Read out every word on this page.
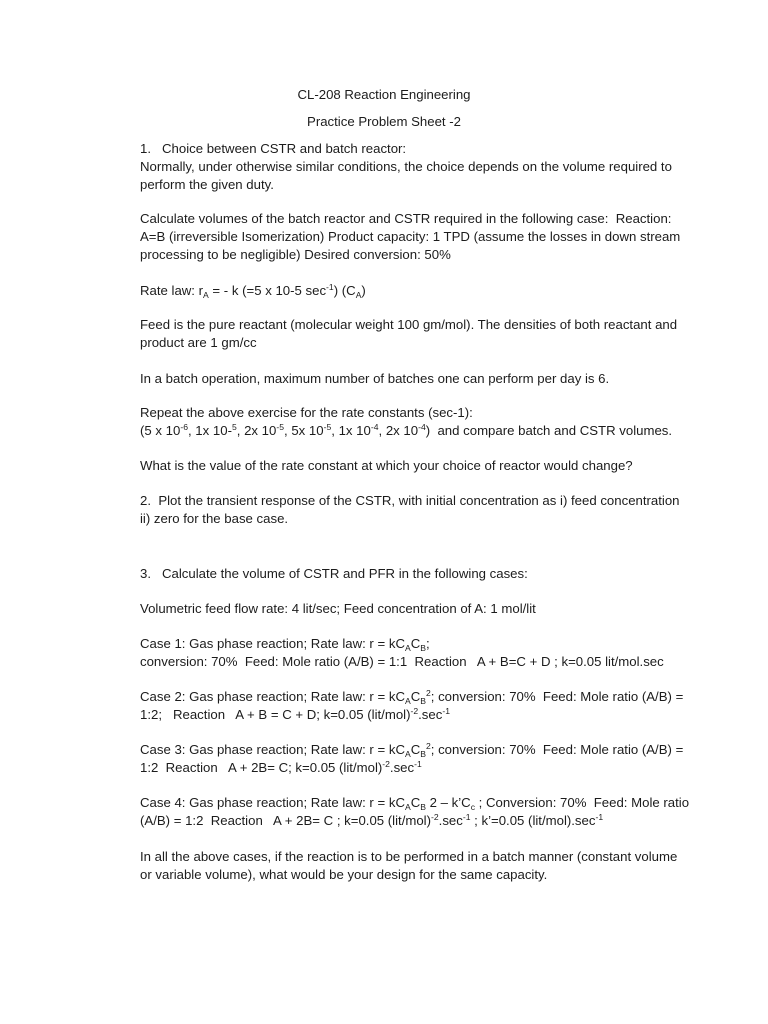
CL-208 Reaction Engineering
Practice Problem Sheet -2
1. Choice between CSTR and batch reactor:
Normally, under otherwise similar conditions, the choice depends on the volume required to
perform the given duty.
Calculate volumes of the batch reactor and CSTR required in the following case:  Reaction:
A=B (irreversible Isomerization) Product capacity: 1 TPD (assume the losses in down stream
processing to be negligible) Desired conversion: 50%
Rate law: r A = - k (=5 x 10-5 sec -1 ) (C A )
Feed is the pure reactant (molecular weight 100 gm/mol). The densities of both reactant and
product are 1 gm/cc
In a batch operation, maximum number of batches one can perform per day is 6.
Repeat the above exercise for the rate constants (sec-1):
(5 x 10 -6 , 1x 10- 5 , 2x 10 -5 , 5x 10 -5 , 1x 10 -4 , 2x 10 -4 )  and compare batch and CSTR volumes.
What is the value of the rate constant at which your choice of reactor would change?
2.  Plot the transient response of the CSTR, with initial concentration as i) feed concentration
ii) zero for the base case.
3. Calculate the volume of CSTR and PFR in the following cases:
Volumetric feed flow rate: 4 lit/sec; Feed concentration of A: 1 mol/lit
Case 1: Gas phase reaction; Rate law: r = kC A C B ;
conversion: 70%  Feed: Mole ratio (A/B) = 1:1  Reaction   A + B=C + D ; k=0.05 lit/mol.sec
Case 2: Gas phase reaction; Rate law: r = kC A C B
2 ; conversion: 70%  Feed: Mole ratio (A/B) =
1:2;   Reaction   A + B = C + D; k=0.05 (lit/mol) -2 .sec -1
Case 3: Gas phase reaction; Rate law: r = kC A C B
2 ; conversion: 70%  Feed: Mole ratio (A/B) =
1:2  Reaction   A + 2B= C; k=0.05 (lit/mol) -2 .sec -1
Case 4: Gas phase reaction; Rate law: r = kC A C B 2 – k’C c ; Conversion: 70%  Feed: Mole ratio
(A/B) = 1:2  Reaction   A + 2B= C ; k=0.05 (lit/mol) -2 .sec -1 ; k’=0.05 (lit/mol).sec -1
In all the above cases, if the reaction is to be performed in a batch manner (constant volume
or variable volume), what would be your design for the same capacity.
